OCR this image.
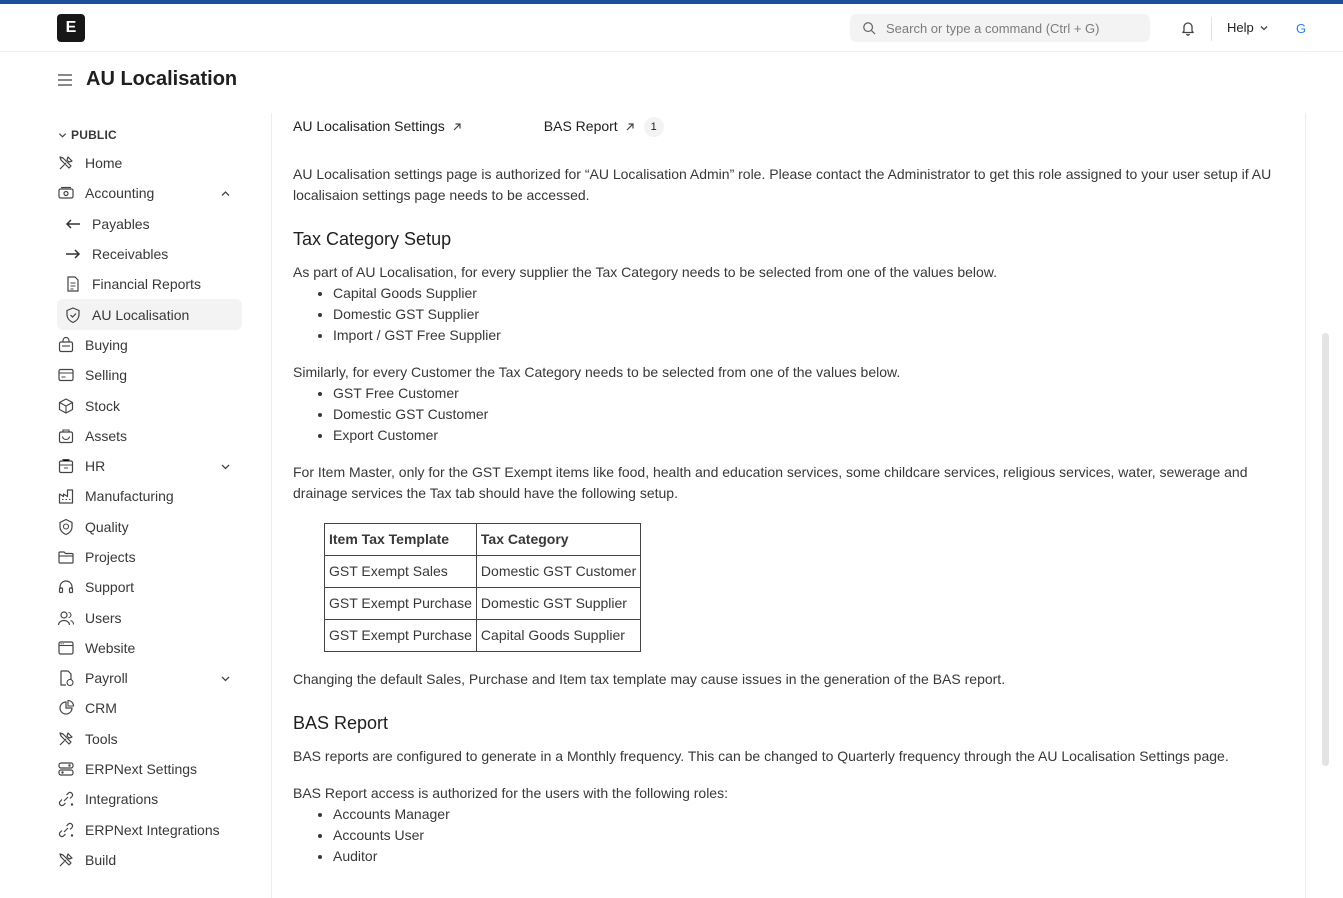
E
Search or type a command (Ctrl + G)	Help	G
AU Localisation
PUBLIC
Home
Accounting
Payables
Receivables
Financial Reports
AU Localisation
Buying
Selling
Stock
Assets
HR
Manufacturing
Quality
Projects
Support
Users
Website
Payroll
CRM
Tools
ERPNext Settings
Integrations
ERPNext Integrations
Build
AU Localisation Settings	BAS Report	1

AU Localisation settings page is authorized for “AU Localisation Admin” role. Please contact the Administrator to get this role assigned to your user setup if AU localisaion settings page needs to be accessed.

Tax Category Setup

As part of AU Localisation, for every supplier the Tax Category needs to be selected from one of the values below.

• Capital Goods Supplier
• Domestic GST Supplier
• Import / GST Free Supplier

Similarly, for every Customer the Tax Category needs to be selected from one of the values below.

• GST Free Customer
• Domestic GST Customer
• Export Customer

For Item Master, only for the GST Exempt items like food, health and education services, some childcare services, religious services, water, sewerage and drainage services the Tax tab should have the following setup.

Item Tax Template	Tax Category
GST Exempt Sales	Domestic GST Customer
GST Exempt Purchase	Domestic GST Supplier
GST Exempt Purchase	Capital Goods Supplier

Changing the default Sales, Purchase and Item tax template may cause issues in the generation of the BAS report.

BAS Report

BAS reports are configured to generate in a Monthly frequency. This can be changed to Quarterly frequency through the AU Localisation Settings page.

BAS Report access is authorized for the users with the following roles:

• Accounts Manager
• Accounts User
• Auditor
